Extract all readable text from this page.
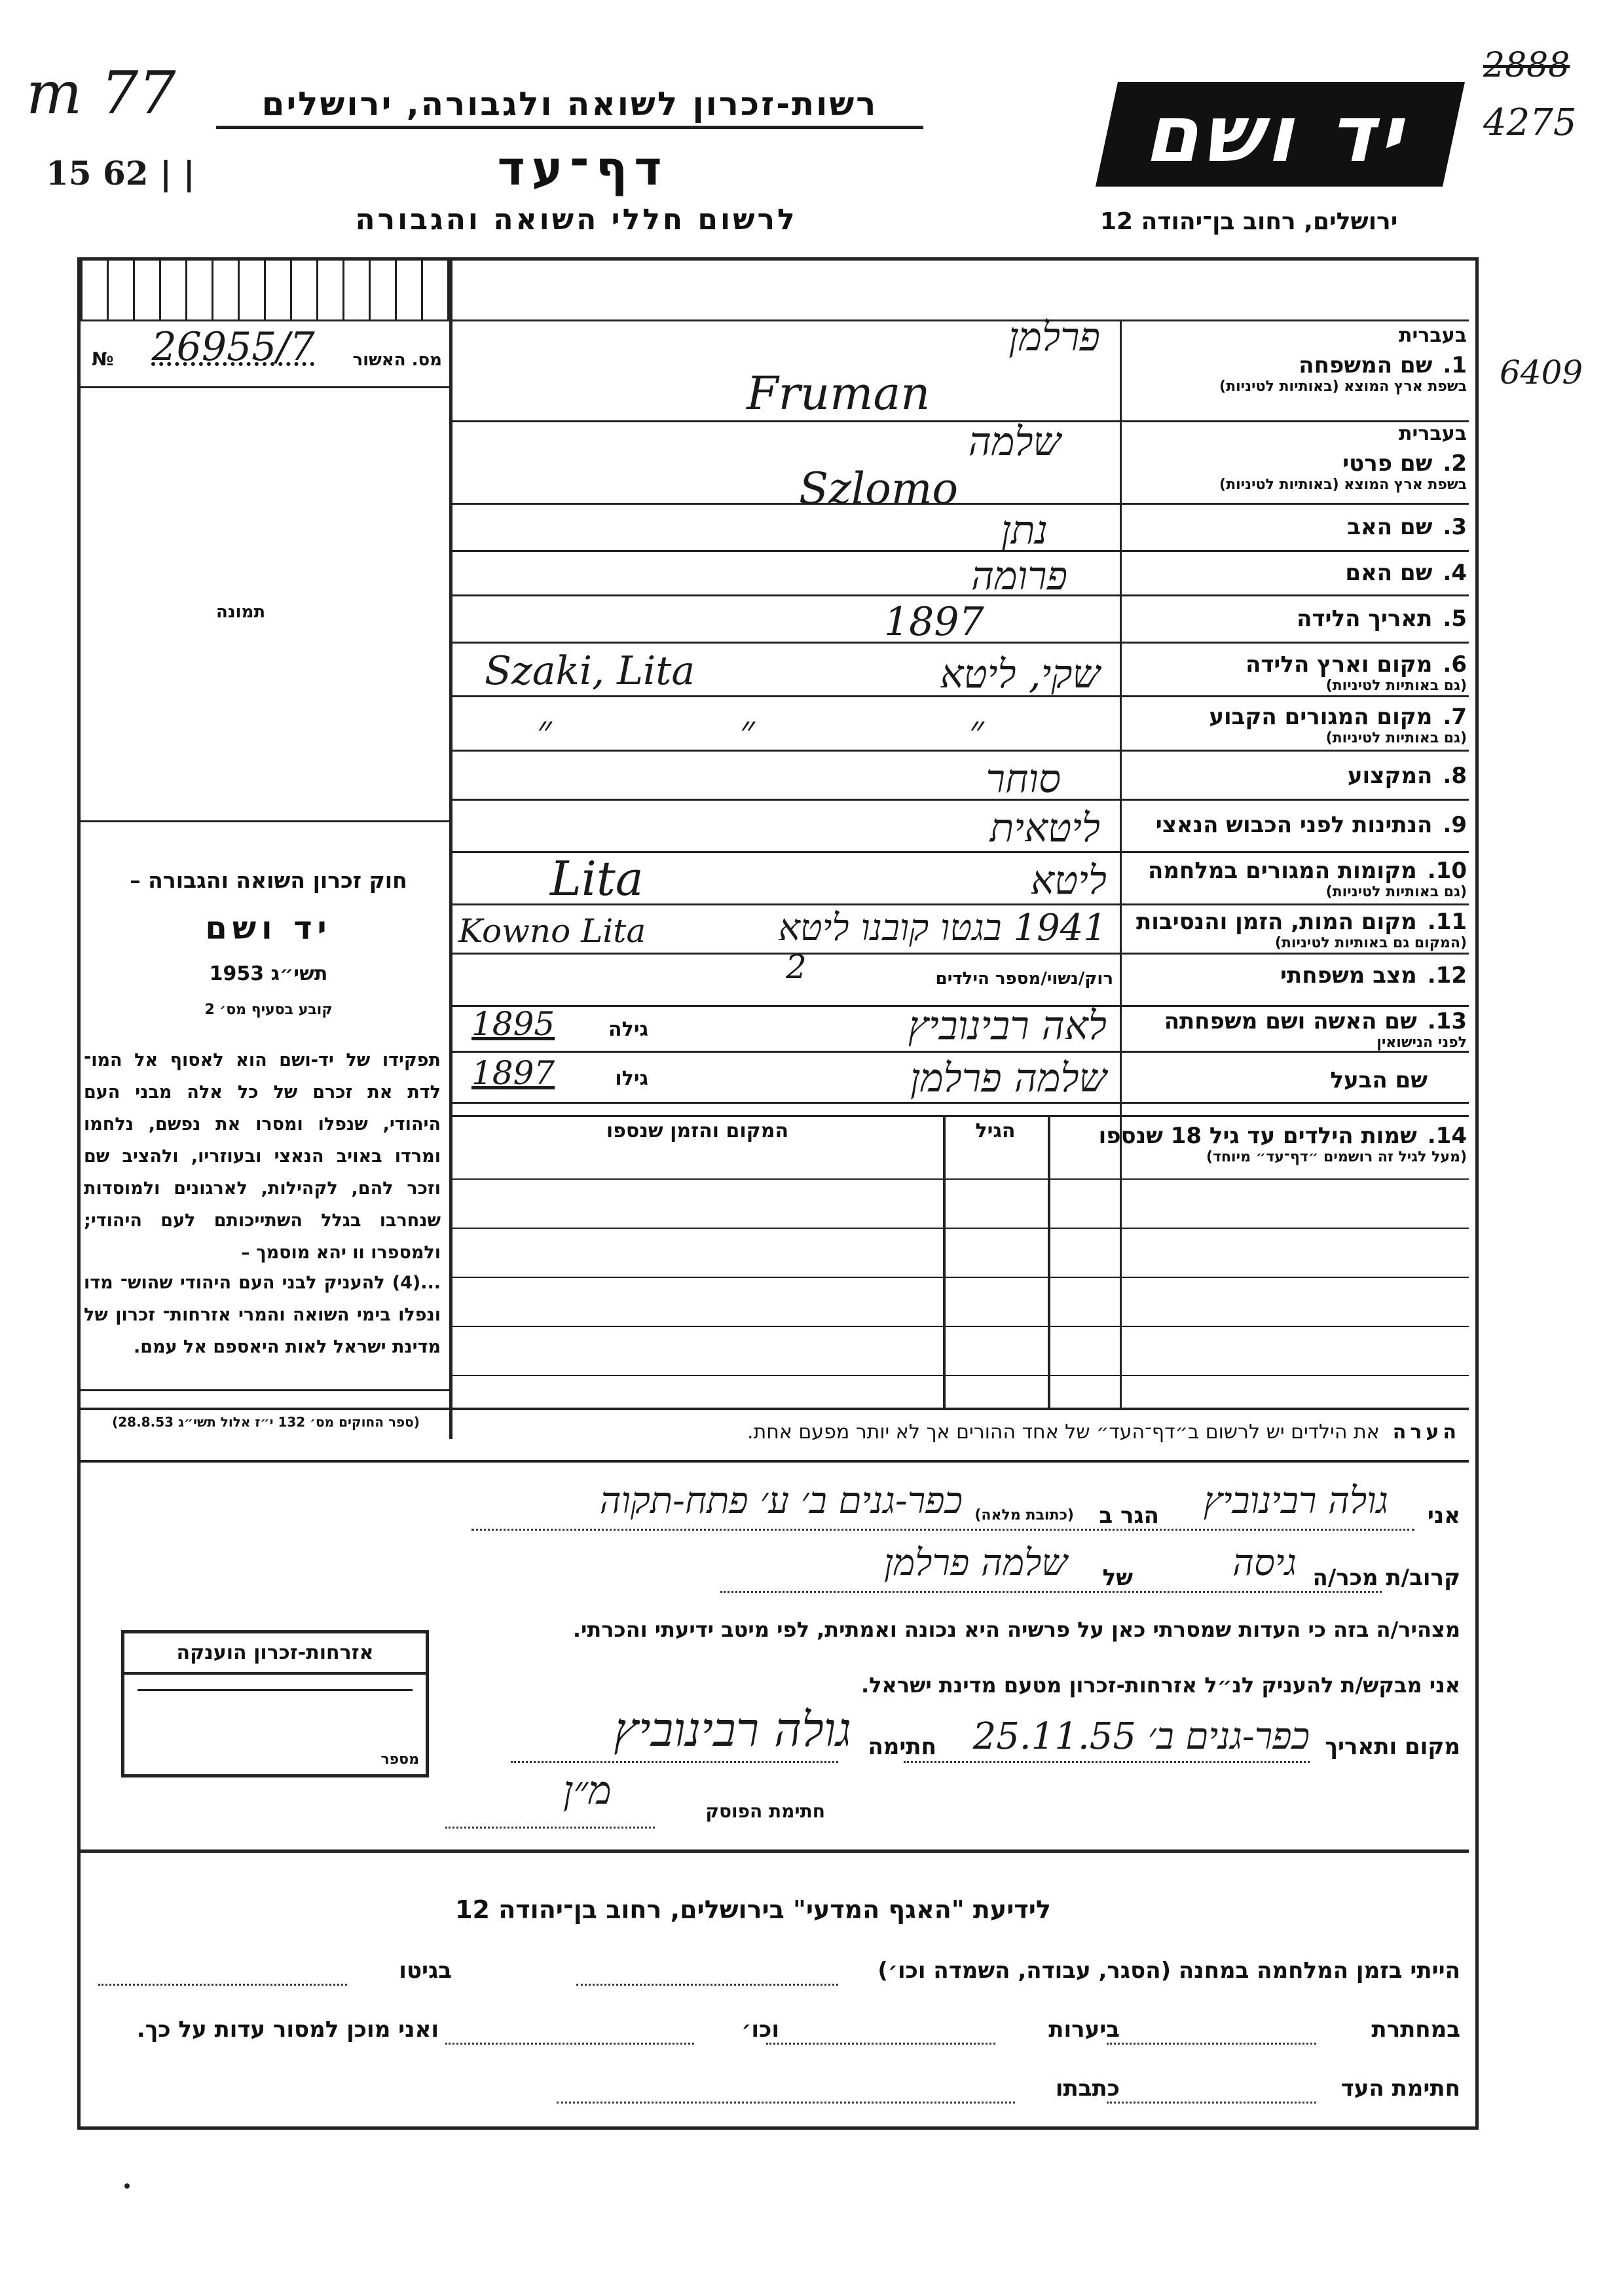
m 77
15 62 | |
2888
4275
6409
רשות-זכרון לשואה ולגבורה, ירושלים
דף־עד
לרשום חללי השואה והגבורה
יד ושם
ירושלים, רחוב בן־יהודה 12
מס. האשור
26955/7
№
תמונה
חוק זכרון השואה והגבורה –
יד ושם
תשי״ג 1953
קובע בסעיף מס׳ 2
תפקידו של יד-ושם הוא לאסוף אל המו־ לדת את זכרם של כל אלה מבני העם היהודי, שנפלו ומסרו את נפשם, נלחמו ומרדו באויב הנאצי ובעוזריו, ולהציב שם וזכר להם, לקהילות, לארגונים ולמוסדות שנחרבו בגלל השתייכותם לעם היהודי; ולמספרו וו יהא מוסמך –
...(4) להעניק לבני העם היהודי שהוש־ מדו ונפלו בימי השואה והמרי אזרחות־ זכרון של מדינת ישראל לאות היאספם אל עמם.
(ספר החוקים מס׳ 132 י״ז אלול תשי״ג 28.8.53)
בעברית
1.
שם המשפחה
בשפת ארץ המוצא (באותיות לטיניות)
פרלמן
Fruman
בעברית
2.
שם פרטי
בשפת ארץ המוצא (באותיות לטיניות)
שלמה
Szlomo
3.
שם האב
נתן
4.
שם האם
פרומה
5.
תאריך הלידה
1897
6.
מקום וארץ הלידה
(גם באותיות לטיניות)
שקי, ליטא
Szaki, Lita
7.
מקום המגורים הקבוע
(גם באותיות לטיניות)
״	״	״
8.
המקצוע
סוחר
9.
הנתינות לפני הכבוש הנאצי
ליטאית
10.
מקומות המגורים במלחמה
(גם באותיות לטיניות)
ליטא
Lita
11.
מקום המות, הזמן והנסיבות
(המקום גם באותיות לטיניות)
1941 בגטו קובנו ליטא
Kowno Lita
12.
מצב משפחתי
רוק/נשוי/מספר הילדים
2
13.
שם האשה ושם משפחתה
לפני הנישואין
לאה רבינוביץ
גילה
1895
שם הבעל
שלמה פרלמן
גילו
1897
14.
שמות הילדים עד גיל 18 שנספו
(מעל לגיל זה רושמים ״דף־עד״ מיוחד)
הגיל
המקום והזמן שנספו
הערה
את הילדים יש לרשום ב״דף־העד״ של אחד ההורים אך לא יותר מפעם אחת.
אני
גולה רבינוביץ
הגר ב
(כתובת מלאה)
כפר-גנים ב׳ ע׳ פתח-תקוה
קרוב/ת מכר/ה
גיסה
של
שלמה פרלמן
מצהיר/ה בזה כי העדות שמסרתי כאן על פרשיה היא נכונה ואמתית, לפי מיטב ידיעתי והכרתי.
אני מבקש/ת להעניק לנ״ל אזרחות-זכרון מטעם מדינת ישראל.
מקום ותאריך
כפר-גנים ב׳ 25.11.55
חתימה
גולה רבינוביץ
מ״ן	חתימת הפוסק
אזרחות-זכרון הוענקה
מספר
לידיעת "האגף המדעי" בירושלים, רחוב בן־יהודה 12
הייתי בזמן המלחמה במחנה (הסגר, עבודה, השמדה וכו׳)
בגיטו
במחתרת
ביערות
וכו׳
ואני מוכן למסור עדות על כך.
חתימת העד
כתבתו
